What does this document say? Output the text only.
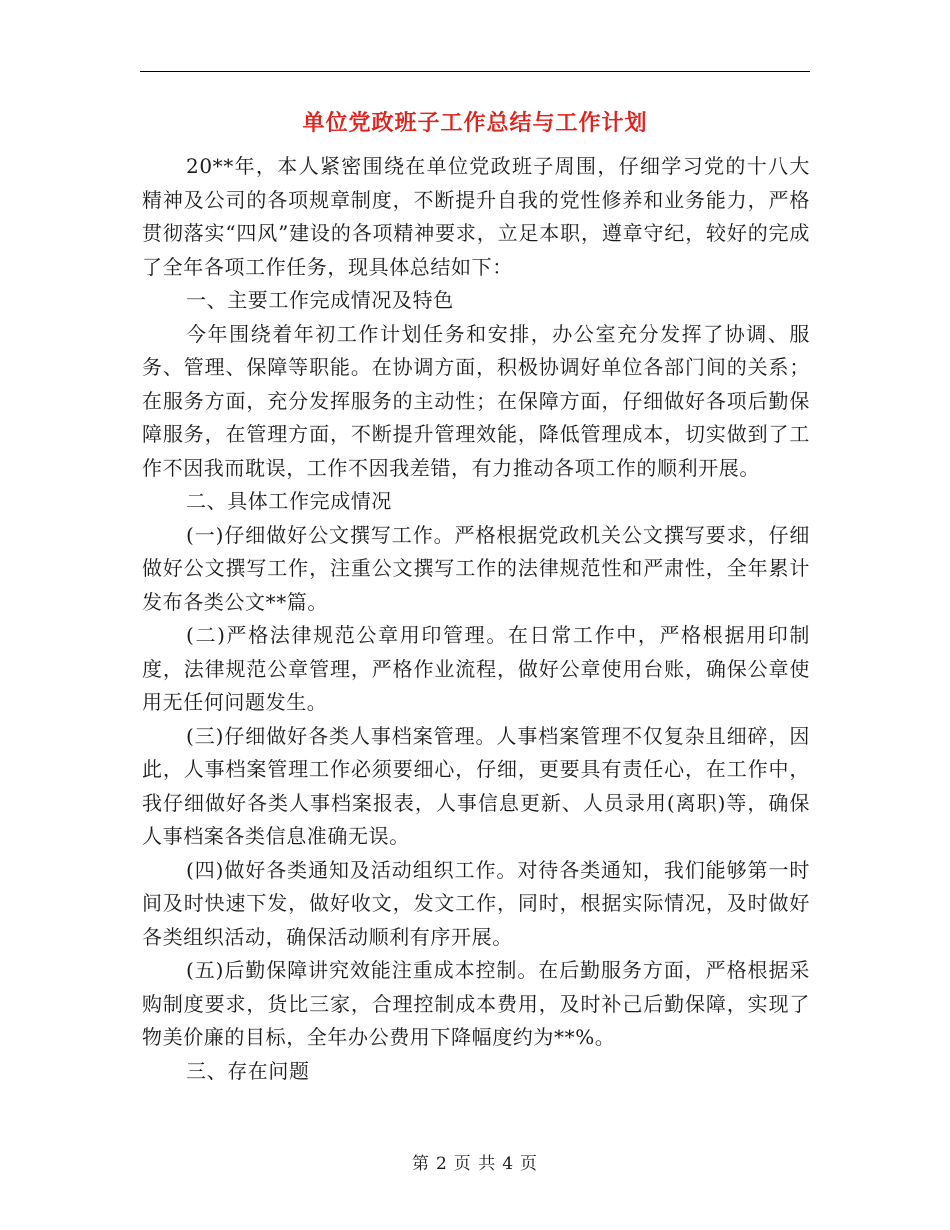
单位党政班子工作总结与工作计划

20**年，本人紧密围绕在单位党政班子周围，仔细学习党的十八大精神及公司的各项规章制度，不断提升自我的党性修养和业务能力，严格贯彻落实“四风”建设的各项精神要求，立足本职，遵章守纪，较好的完成了全年各项工作任务，现具体总结如下：

一、主要工作完成情况及特色

今年围绕着年初工作计划任务和安排，办公室充分发挥了协调、服务、管理、保障等职能。在协调方面，积极协调好单位各部门间的关系；在服务方面，充分发挥服务的主动性；在保障方面，仔细做好各项后勤保障服务，在管理方面，不断提升管理效能，降低管理成本，切实做到了工作不因我而耽误，工作不因我差错，有力推动各项工作的顺利开展。

二、具体工作完成情况

(一)仔细做好公文撰写工作。严格根据党政机关公文撰写要求，仔细做好公文撰写工作，注重公文撰写工作的法律规范性和严肃性，全年累计发布各类公文**篇。

(二)严格法律规范公章用印管理。在日常工作中，严格根据用印制度，法律规范公章管理，严格作业流程，做好公章使用台账，确保公章使用无任何问题发生。

(三)仔细做好各类人事档案管理。人事档案管理不仅复杂且细碎，因此，人事档案管理工作必须要细心，仔细，更要具有责任心，在工作中，我仔细做好各类人事档案报表，人事信息更新、人员录用(离职)等，确保人事档案各类信息准确无误。

(四)做好各类通知及活动组织工作。对待各类通知，我们能够第一时间及时快速下发，做好收文，发文工作，同时，根据实际情况，及时做好各类组织活动，确保活动顺利有序开展。

(五)后勤保障讲究效能注重成本控制。在后勤服务方面，严格根据采购制度要求，货比三家，合理控制成本费用，及时补己后勤保障，实现了物美价廉的目标，全年办公费用下降幅度约为**%。

三、存在问题

第 2 页 共 4 页
